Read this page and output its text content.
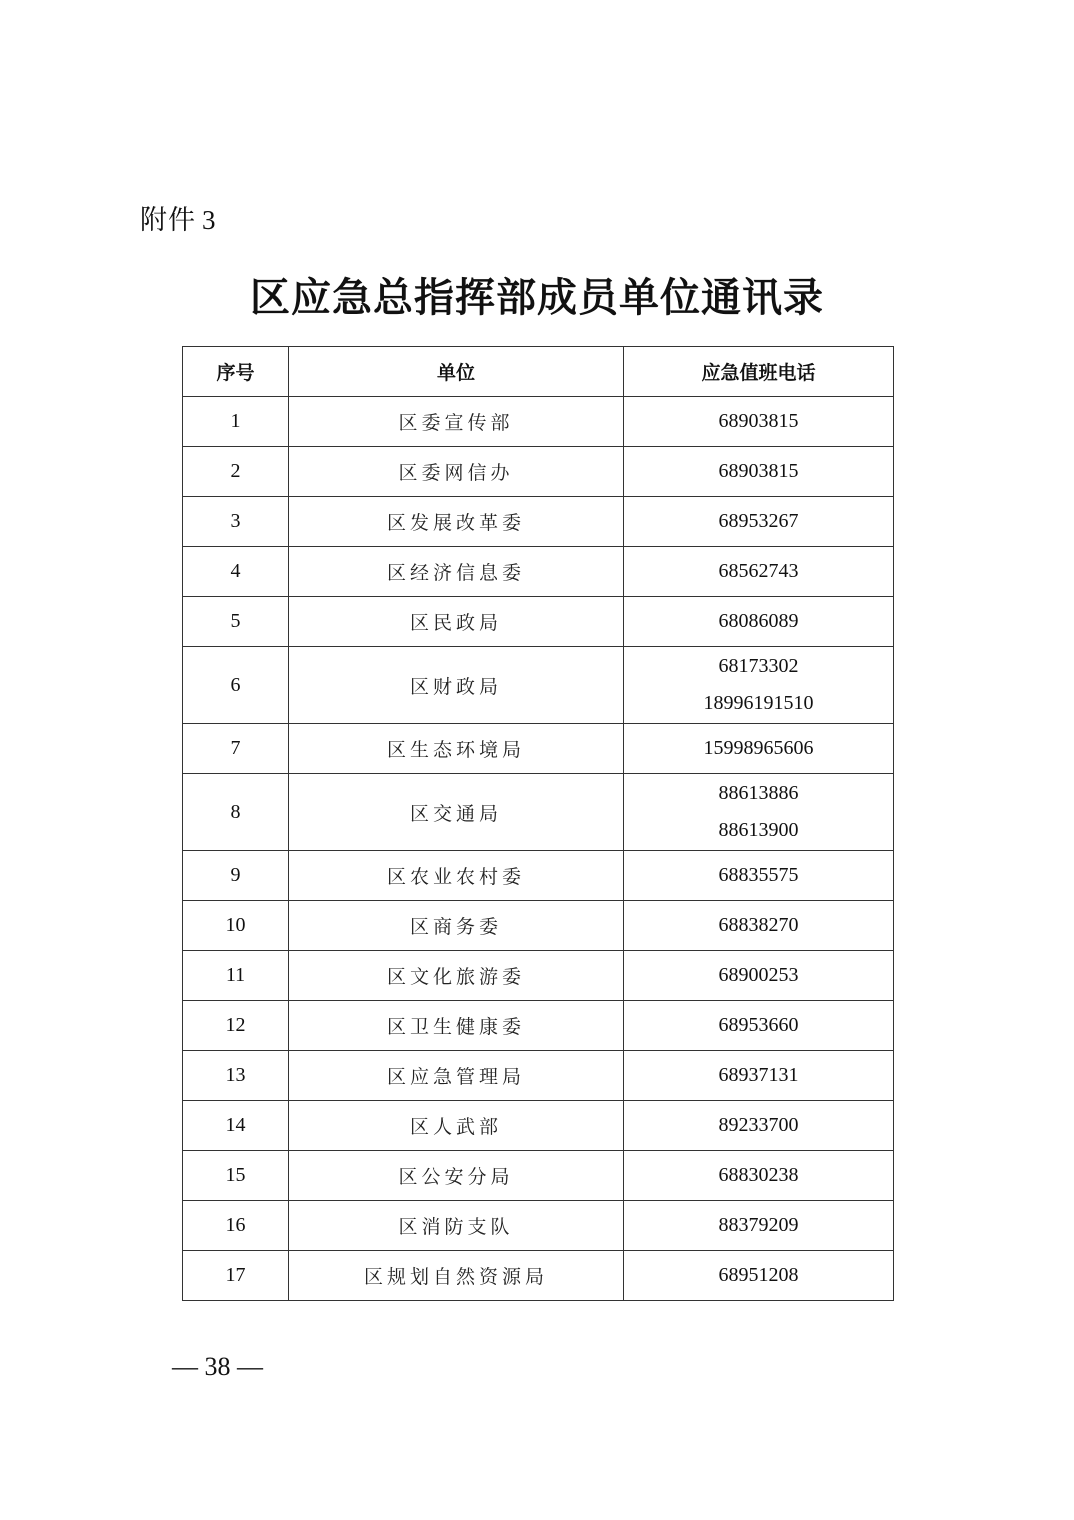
附件 3
区应急总指挥部成员单位通讯录
序号	单位	应急值班电话
1	区委宣传部	68903815

2	区委网信办	68903815

3	区发展改革委	68953267

4	区经济信息委	68562743

5	区民政局	68086089

6	区财政局	68173302
18996191510

7	区生态环境局	15998965606

8	区交通局	88613886
88613900

9	区农业农村委	68835575

10	区商务委	68838270

11	区文化旅游委	68900253

12	区卫生健康委	68953660

13	区应急管理局	68937131

14	区人武部	89233700

15	区公安分局	68830238

16	区消防支队	88379209

17	区规划自然资源局	68951208
— 38 —
